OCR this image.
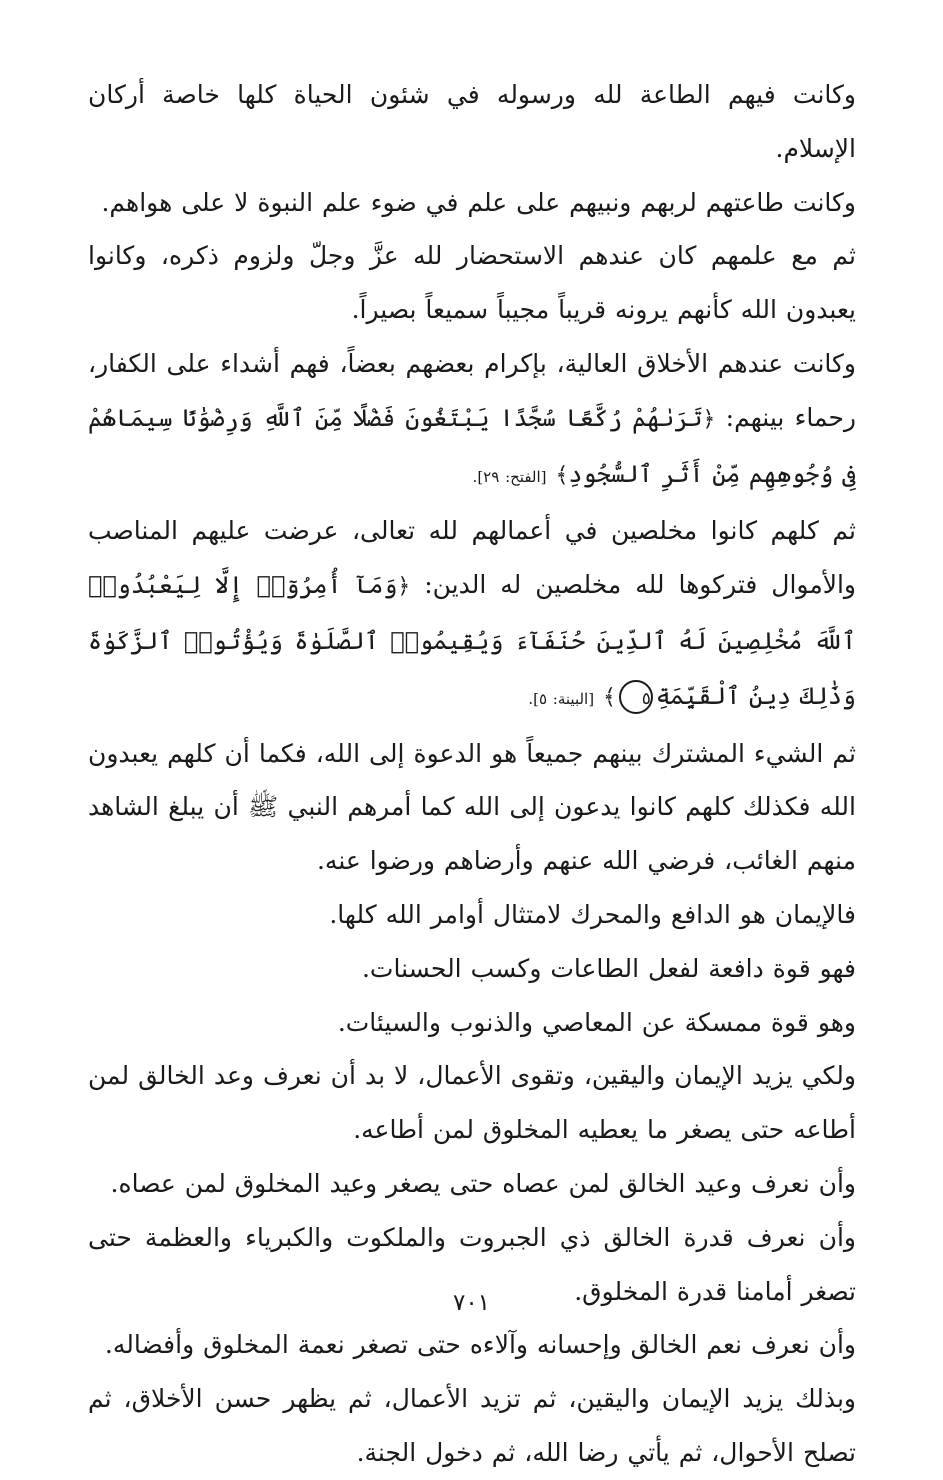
وكانت فيهم الطاعة لله ورسوله في شئون الحياة كلها خاصة أركان الإسلام.

وكانت طاعتهم لربهم ونبيهم على علم في ضوء علم النبوة لا على هواهم.

ثم مع علمهم كان عندهم الاستحضار لله عزَّ وجلّ ولزوم ذكره، وكانوا يعبدون الله كأنهم يرونه قريباً مجيباً سميعاً بصيراً.

وكانت عندهم الأخلاق العالية، بإكرام بعضهم بعضاً، فهم أشداء على الكفار، رحماء بينهم: ﴿تَرَىٰهُمْ رُكَّعًا سُجَّدًا يَبْتَغُونَ فَضْلًا مِّنَ ٱللَّهِ وَرِضْوَٰنًا سِيمَاهُمْ فِى وُجُوهِهِم مِّنْ أَثَرِ ٱلسُّجُودِ﴾ [الفتح: ٢٩].

ثم كلهم كانوا مخلصين في أعمالهم لله تعالى، عرضت عليهم المناصب والأموال فتركوها لله مخلصين له الدين: ﴿وَمَآ أُمِرُوٓا۟ إِلَّا لِيَعْبُدُوا۟ ٱللَّهَ مُخْلِصِينَ لَهُ ٱلدِّينَ حُنَفَآءَ وَيُقِيمُوا۟ ٱلصَّلَوٰةَ وَيُؤْتُوا۟ ٱلزَّكَوٰةَ وَذَٰلِكَ دِينُ ٱلْقَيِّمَةِ٥﴾ [البينة: ٥].

ثم الشيء المشترك بينهم جميعاً هو الدعوة إلى الله، فكما أن كلهم يعبدون الله فكذلك كلهم كانوا يدعون إلى الله كما أمرهم النبي ﷺ أن يبلغ الشاهد منهم الغائب، فرضي الله عنهم وأرضاهم ورضوا عنه.

فالإيمان هو الدافع والمحرك لامتثال أوامر الله كلها.

فهو قوة دافعة لفعل الطاعات وكسب الحسنات.

وهو قوة ممسكة عن المعاصي والذنوب والسيئات.

ولكي يزيد الإيمان واليقين، وتقوى الأعمال، لا بد أن نعرف وعد الخالق لمن أطاعه حتى يصغر ما يعطيه المخلوق لمن أطاعه.

وأن نعرف وعيد الخالق لمن عصاه حتى يصغر وعيد المخلوق لمن عصاه.

وأن نعرف قدرة الخالق ذي الجبروت والملكوت والكبرياء والعظمة حتى تصغر أمامنا قدرة المخلوق.

وأن نعرف نعم الخالق وإحسانه وآلاءه حتى تصغر نعمة المخلوق وأفضاله.

وبذلك يزيد الإيمان واليقين، ثم تزيد الأعمال، ثم يظهر حسن الأخلاق، ثم تصلح الأحوال، ثم يأتي رضا الله، ثم دخول الجنة.

٧٠١
